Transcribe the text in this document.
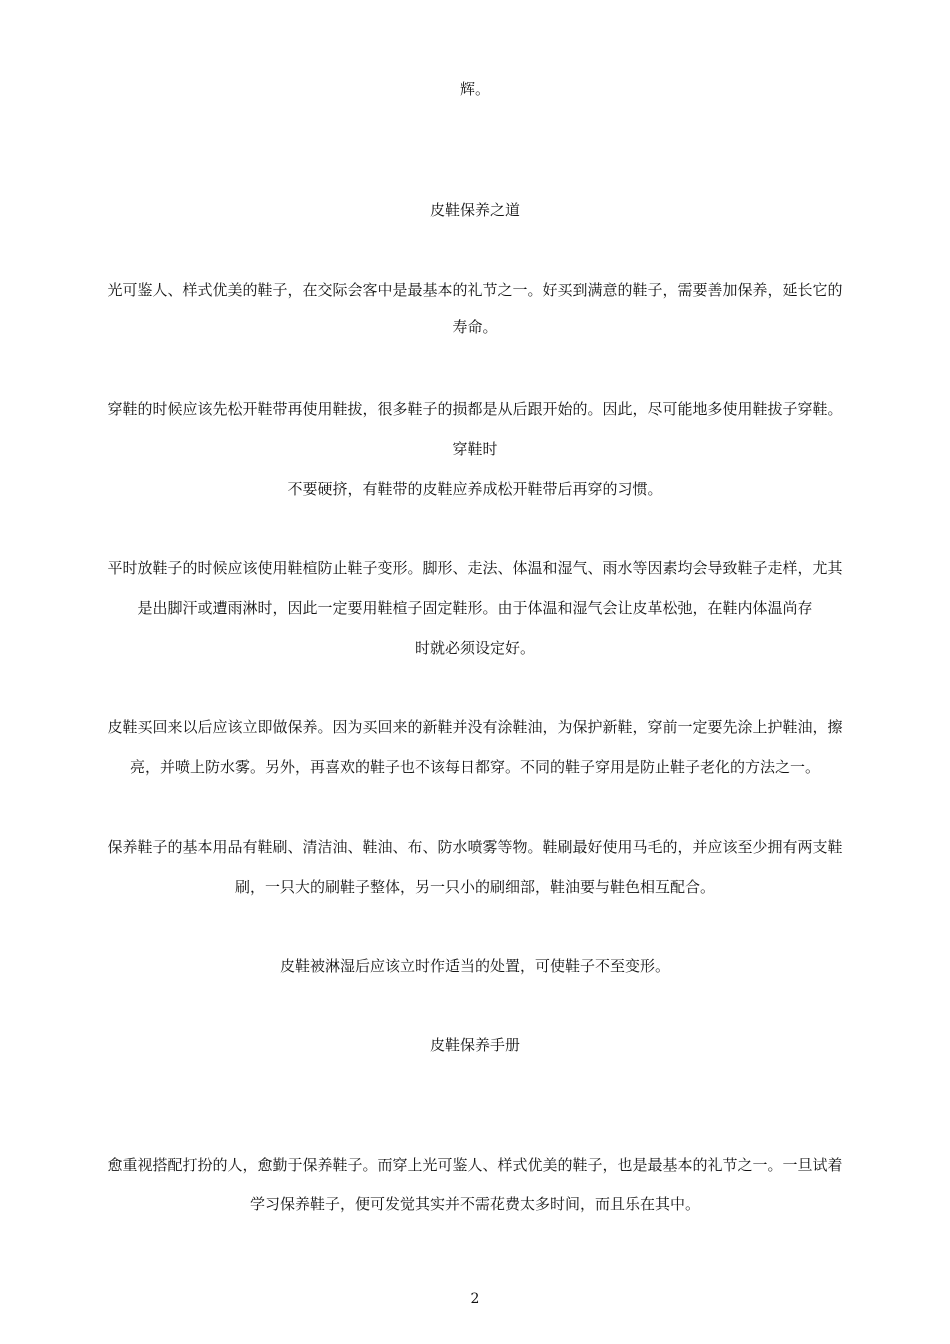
辉。
皮鞋保养之道
光可鉴人、样式优美的鞋子，在交际会客中是最基本的礼节之一。好买到满意的鞋子，需要善加保养，延长它的
寿命。
穿鞋的时候应该先松开鞋带再使用鞋拔，很多鞋子的损都是从后跟开始的。因此，尽可能地多使用鞋拔子穿鞋。
穿鞋时
不要硬挤，有鞋带的皮鞋应养成松开鞋带后再穿的习惯。
平时放鞋子的时候应该使用鞋楦防止鞋子变形。脚形、走法、体温和湿气、雨水等因素均会导致鞋子走样，尤其
是出脚汗或遭雨淋时，因此一定要用鞋楦子固定鞋形。由于体温和湿气会让皮革松弛，在鞋内体温尚存
时就必须设定好。
皮鞋买回来以后应该立即做保养。因为买回来的新鞋并没有涂鞋油，为保护新鞋，穿前一定要先涂上护鞋油，擦
亮，并喷上防水雾。另外，再喜欢的鞋子也不该每日都穿。不同的鞋子穿用是防止鞋子老化的方法之一。
保养鞋子的基本用品有鞋刷、清洁油、鞋油、布、防水喷雾等物。鞋刷最好使用马毛的，并应该至少拥有两支鞋
刷，一只大的刷鞋子整体，另一只小的刷细部，鞋油要与鞋色相互配合。
皮鞋被淋湿后应该立时作适当的处置，可使鞋子不至变形。
皮鞋保养手册
愈重视搭配打扮的人，愈勤于保养鞋子。而穿上光可鉴人、样式优美的鞋子，也是最基本的礼节之一。一旦试着
学习保养鞋子，便可发觉其实并不需花费太多时间，而且乐在其中。
2
